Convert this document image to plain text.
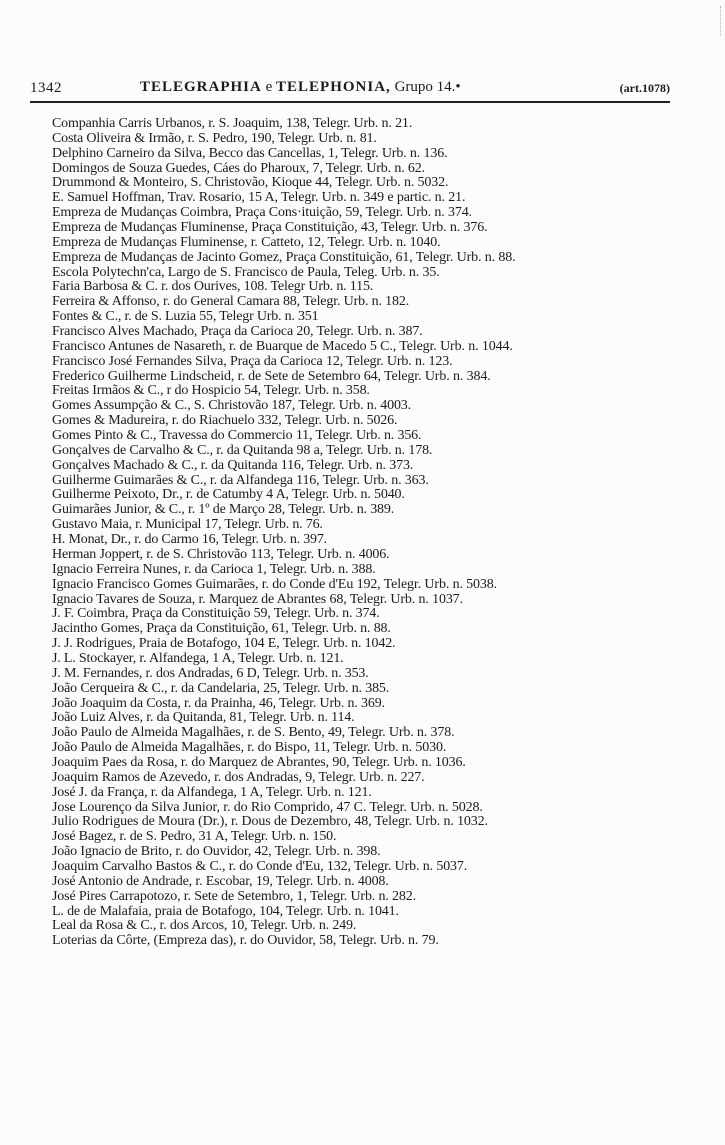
1342	TELEGRAPHIA e TELEPHONIA, Grupo 14.•	(art.1078)
Companhia Carris Urbanos, r. S. Joaquim, 138, Telegr. Urb. n. 21.
Costa Oliveira & Irmão, r. S. Pedro, 190, Telegr. Urb. n. 81.
Delphino Carneiro da Silva, Becco das Cancellas, 1, Telegr. Urb. n. 136.
Domingos de Souza Guedes, Cáes do Pharoux, 7, Telegr. Urb. n. 62.
Drummond & Monteiro, S. Christovão, Kioque 44, Telegr. Urb. n. 5032.
E. Samuel Hoffman, Trav. Rosario, 15 A, Telegr. Urb. n. 349 e partic. n. 21.
Empreza de Mudanças Coimbra, Praça Cons·ituição, 59, Telegr. Urb. n. 374.
Empreza de Mudanças Fluminense, Praça Constituição, 43, Telegr. Urb. n. 376.
Empreza de Mudanças Fluminense, r. Catteto, 12, Telegr. Urb. n. 1040.
Empreza de Mudanças de Jacinto Gomez, Praça Constituição, 61, Telegr. Urb. n. 88.
Escola Polytechn'ca, Largo de S. Francisco de Paula, Teleg. Urb. n. 35.
Faria Barbosa & C. r. dos Ourives, 108. Telegr Urb. n. 115.
Ferreira & Affonso, r. do General Camara 88, Telegr. Urb. n. 182.
Fontes & C., r. de S. Luzia 55, Telegr Urb. n. 351
Francisco Alves Machado, Praça da Carioca 20, Telegr. Urb. n. 387.
Francisco Antunes de Nasareth, r. de Buarque de Macedo 5 C., Telegr. Urb. n. 1044.
Francisco José Fernandes Silva, Praça da Carioca 12, Telegr. Urb. n. 123.
Frederico Guilherme Lindscheid, r. de Sete de Setembro 64, Telegr. Urb. n. 384.
Freitas Irmãos & C., r do Hospicio 54, Telegr. Urb. n. 358.
Gomes Assumpção & C., S. Christovão 187, Telegr. Urb. n. 4003.
Gomes & Madureira, r. do Riachuelo 332, Telegr. Urb. n. 5026.
Gomes Pinto & C., Travessa do Commercio 11, Telegr. Urb. n. 356.
Gonçalves de Carvalho & C., r. da Quitanda 98 a, Telegr. Urb. n. 178.
Gonçalves Machado & C., r. da Quitanda 116, Telegr. Urb. n. 373.
Guilherme Guimarães & C., r. da Alfandega 116, Telegr. Urb. n. 363.
Guilherme Peixoto, Dr., r. de Catumby 4 A, Telegr. Urb. n. 5040.
Guimarães Junior, & C., r. 1º de Março 28, Telegr. Urb. n. 389.
Gustavo Maia, r. Municipal 17, Telegr. Urb. n. 76.
H. Monat, Dr., r. do Carmo 16, Telegr. Urb. n. 397.
Herman Joppert, r. de S. Christovão 113, Telegr. Urb. n. 4006.
Ignacio Ferreira Nunes, r. da Carioca 1, Telegr. Urb. n. 388.
Ignacio Francisco Gomes Guimarães, r. do Conde d'Eu 192, Telegr. Urb. n. 5038.
Ignacio Tavares de Souza, r. Marquez de Abrantes 68, Telegr. Urb. n. 1037.
J. F. Coimbra, Praça da Constituição 59, Telegr. Urb. n. 374.
Jacintho Gomes, Praça da Constituição, 61, Telegr. Urb. n. 88.
J. J. Rodrigues, Praia de Botafogo, 104 E, Telegr. Urb. n. 1042.
J. L. Stockayer, r. Alfandega, 1 A, Telegr. Urb. n. 121.
J. M. Fernandes, r. dos Andradas, 6 D, Telegr. Urb. n. 353.
João Cerqueira & C., r. da Candelaria, 25, Telegr. Urb. n. 385.
João Joaquim da Costa, r. da Prainha, 46, Telegr. Urb. n. 369.
João Luiz Alves, r. da Quitanda, 81, Telegr. Urb. n. 114.
João Paulo de Almeida Magalhães, r. de S. Bento, 49, Telegr. Urb. n. 378.
João Paulo de Almeida Magalhães, r. do Bispo, 11, Telegr. Urb. n. 5030.
Joaquim Paes da Rosa, r. do Marquez de Abrantes, 90, Telegr. Urb. n. 1036.
Joaquim Ramos de Azevedo, r. dos Andradas, 9, Telegr. Urb. n. 227.
José J. da França, r. da Alfandega, 1 A, Telegr. Urb. n. 121.
Jose Lourenço da Silva Junior, r. do Rio Comprido, 47 C. Telegr. Urb. n. 5028.
Julio Rodrigues de Moura (Dr.), r. Dous de Dezembro, 48, Telegr. Urb. n. 1032.
José Bagez, r. de S. Pedro, 31 A, Telegr. Urb. n. 150.
João Ignacio de Brito, r. do Ouvidor, 42, Telegr. Urb. n. 398.
Joaquim Carvalho Bastos & C., r. do Conde d'Eu, 132, Telegr. Urb. n. 5037.
José Antonio de Andrade, r. Escobar, 19, Telegr. Urb. n. 4008.
José Pires Carrapotozo, r. Sete de Setembro, 1, Telegr. Urb. n. 282.
L. de de Malafaia, praia de Botafogo, 104, Telegr. Urb. n. 1041.
Leal da Rosa & C., r. dos Arcos, 10, Telegr. Urb. n. 249.
Loterias da Côrte, (Empreza das), r. do Ouvidor, 58, Telegr. Urb. n. 79.
